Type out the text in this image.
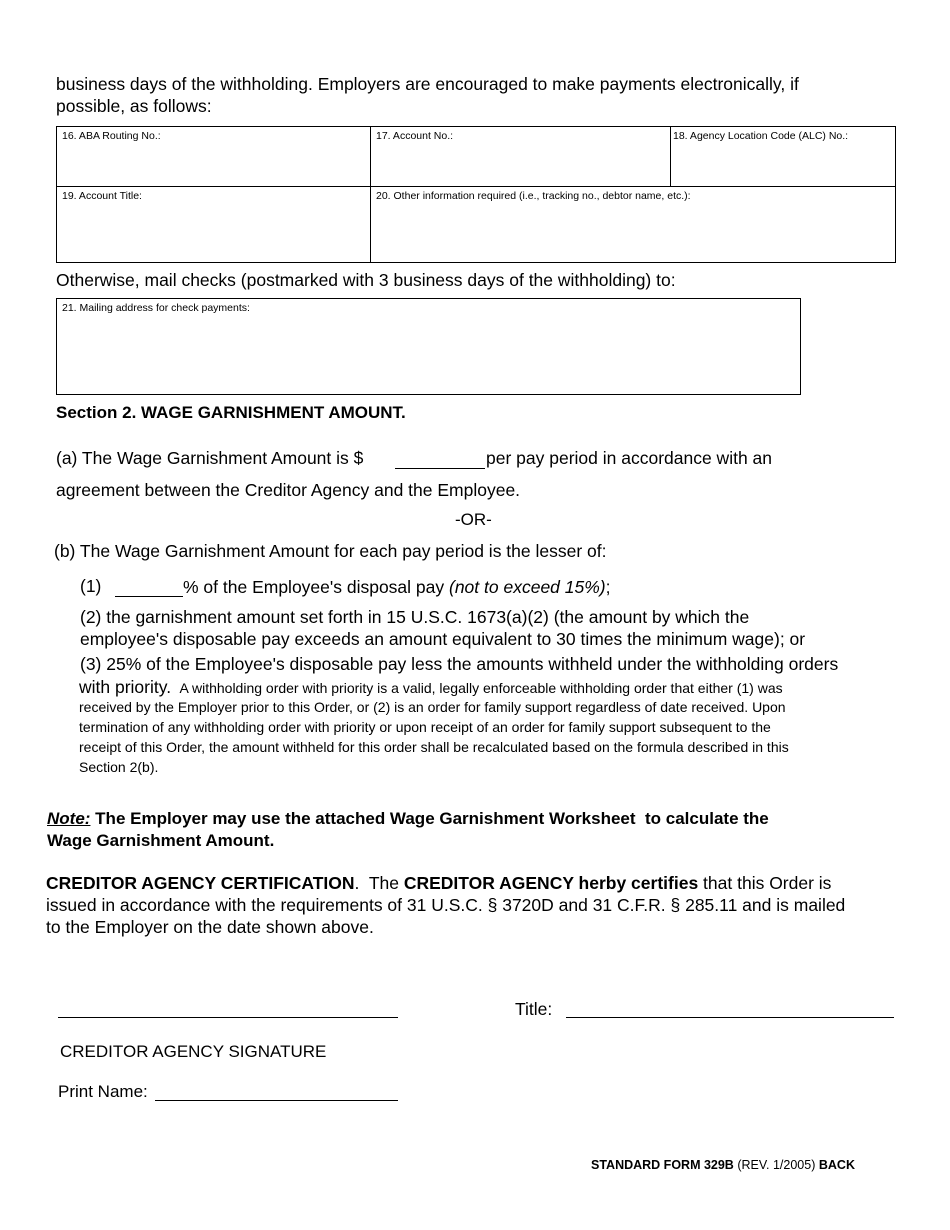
business days of the withholding. Employers are encouraged to make payments electronically, if
possible, as follows:
16. ABA Routing No.:	17. Account No.:	18. Agency Location Code (ALC) No.:
19. Account Title:	20. Other information required (i.e., tracking no., debtor name, etc.):
Otherwise, mail checks (postmarked with 3 business days of the withholding) to:
21. Mailing address for check payments:
Section 2. WAGE GARNISHMENT AMOUNT.
(a) The Wage Garnishment Amount is $	per pay period in accordance with an
agreement between the Creditor Agency and the Employee.
-OR-
(b) The Wage Garnishment Amount for each pay period is the lesser of:
(1)	% of the Employee's disposal pay (not to exceed 15%);
(2) the garnishment amount set forth in 15 U.S.C. 1673(a)(2) (the amount by which the
employee's disposable pay exceeds an amount equivalent to 30 times the minimum wage); or
(3) 25% of the Employee's disposable pay less the amounts withheld under the withholding orders
with priority. A withholding order with priority is a valid, legally enforceable withholding order that either (1) was
received by the Employer prior to this Order, or (2) is an order for family support regardless of date received. Upon
termination of any withholding order with priority or upon receipt of an order for family support subsequent to the
receipt of this Order, the amount withheld for this order shall be recalculated based on the formula described in this
Section 2(b).
Note: The Employer may use the attached Wage Garnishment Worksheet  to calculate the
Wage Garnishment Amount.
CREDITOR AGENCY CERTIFICATION.  The CREDITOR AGENCY herby certifies that this Order is
issued in accordance with the requirements of 31 U.S.C. § 3720D and 31 C.F.R. § 285.11 and is mailed
to the Employer on the date shown above.
Title:
CREDITOR AGENCY SIGNATURE
Print Name:
STANDARD FORM 329B (REV. 1/2005) BACK
